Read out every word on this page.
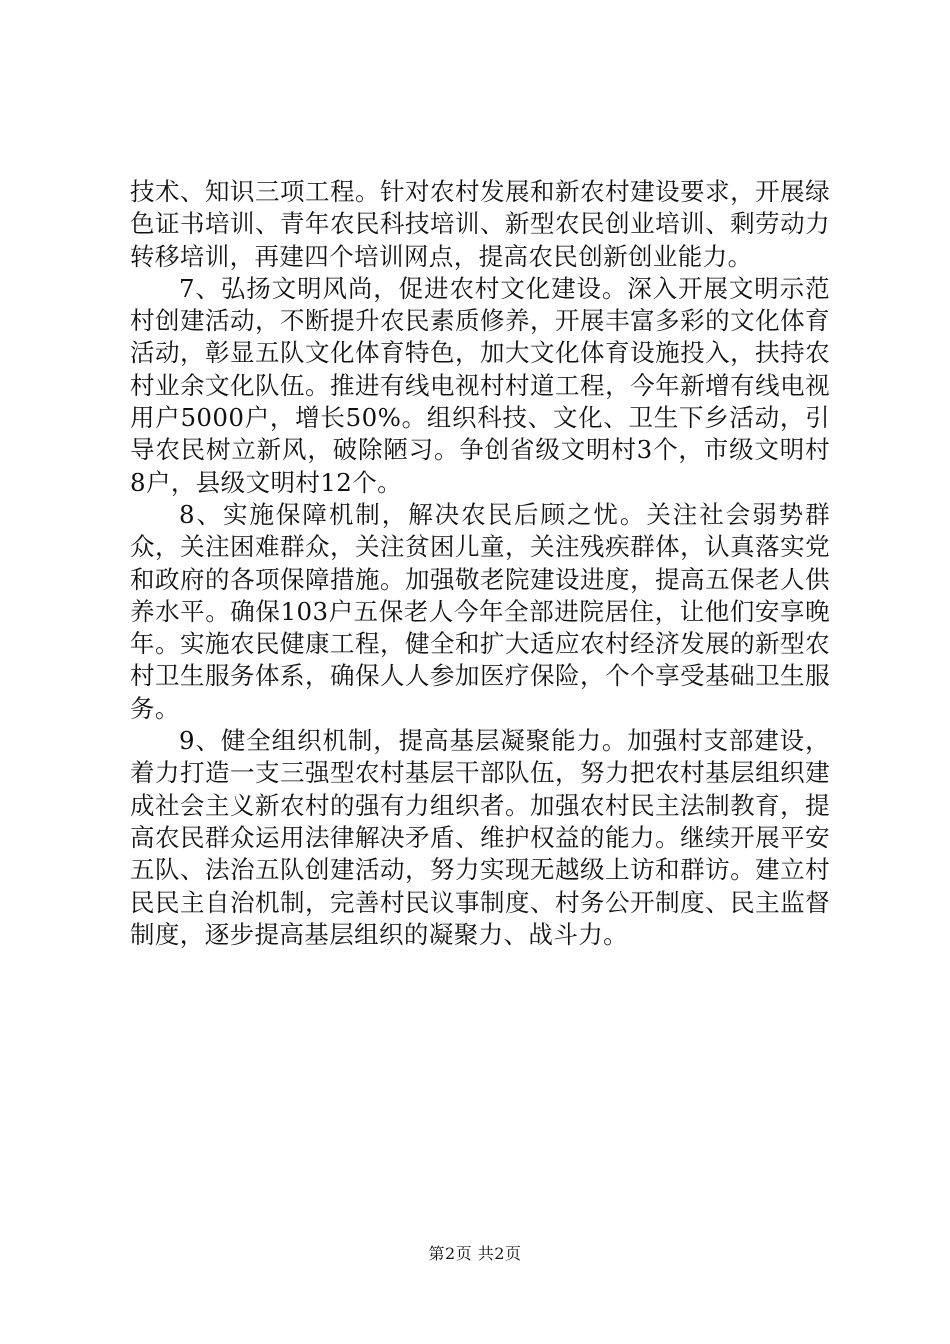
技术、知识三项工程。针对农村发展和新农村建设要求，开展绿色证书培训、青年农民科技培训、新型农民创业培训、剩劳动力转移培训，再建四个培训网点，提高农民创新创业能力。

7、弘扬文明风尚，促进农村文化建设。深入开展文明示范村创建活动，不断提升农民素质修养，开展丰富多彩的文化体育活动，彰显五队文化体育特色，加大文化体育设施投入，扶持农村业余文化队伍。推进有线电视村村道工程，今年新增有线电视用户5000户，增长50%。组织科技、文化、卫生下乡活动，引导农民树立新风，破除陋习。争创省级文明村3个，市级文明村8户，县级文明村12个。

8、实施保障机制，解决农民后顾之忧。关注社会弱势群众，关注困难群众，关注贫困儿童，关注残疾群体，认真落实党和政府的各项保障措施。加强敬老院建设进度，提高五保老人供养水平。确保103户五保老人今年全部进院居住，让他们安享晚年。实施农民健康工程，健全和扩大适应农村经济发展的新型农村卫生服务体系，确保人人参加医疗保险，个个享受基础卫生服务。

9、健全组织机制，提高基层凝聚能力。加强村支部建设，着力打造一支三强型农村基层干部队伍，努力把农村基层组织建成社会主义新农村的强有力组织者。加强农村民主法制教育，提高农民群众运用法律解决矛盾、维护权益的能力。继续开展平安五队、法治五队创建活动，努力实现无越级上访和群访。建立村民民主自治机制，完善村民议事制度、村务公开制度、民主监督制度，逐步提高基层组织的凝聚力、战斗力。

第2页 共2页
